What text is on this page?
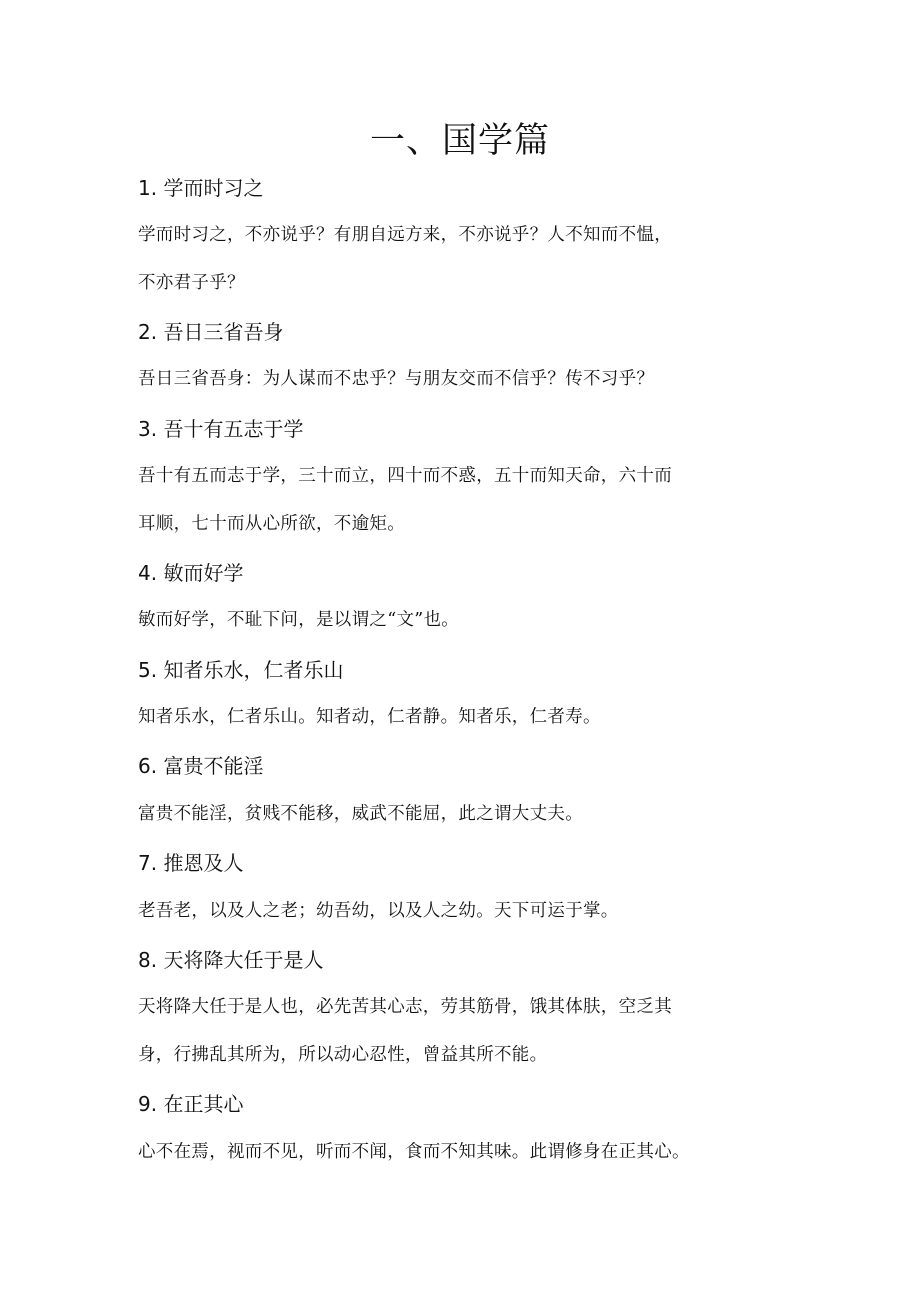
一、国学篇
1. 学而时习之
学而时习之，不亦说乎？有朋自远方来，不亦说乎？人不知而不愠，
不亦君子乎？
2. 吾日三省吾身
吾日三省吾身：为人谋而不忠乎？与朋友交而不信乎？传不习乎？
3. 吾十有五志于学
吾十有五而志于学，三十而立，四十而不惑，五十而知天命，六十而
耳顺，七十而从心所欲，不逾矩。
4. 敏而好学
敏而好学，不耻下问，是以谓之“文”也。
5. 知者乐水，仁者乐山
知者乐水，仁者乐山。知者动，仁者静。知者乐，仁者寿。
6. 富贵不能淫
富贵不能淫，贫贱不能移，威武不能屈，此之谓大丈夫。
7. 推恩及人
老吾老，以及人之老；幼吾幼，以及人之幼。天下可运于掌。
8. 天将降大任于是人
天将降大任于是人也，必先苦其心志，劳其筋骨，饿其体肤，空乏其
身，行拂乱其所为，所以动心忍性，曾益其所不能。
9. 在正其心
心不在焉，视而不见，听而不闻，食而不知其味。此谓修身在正其心。
